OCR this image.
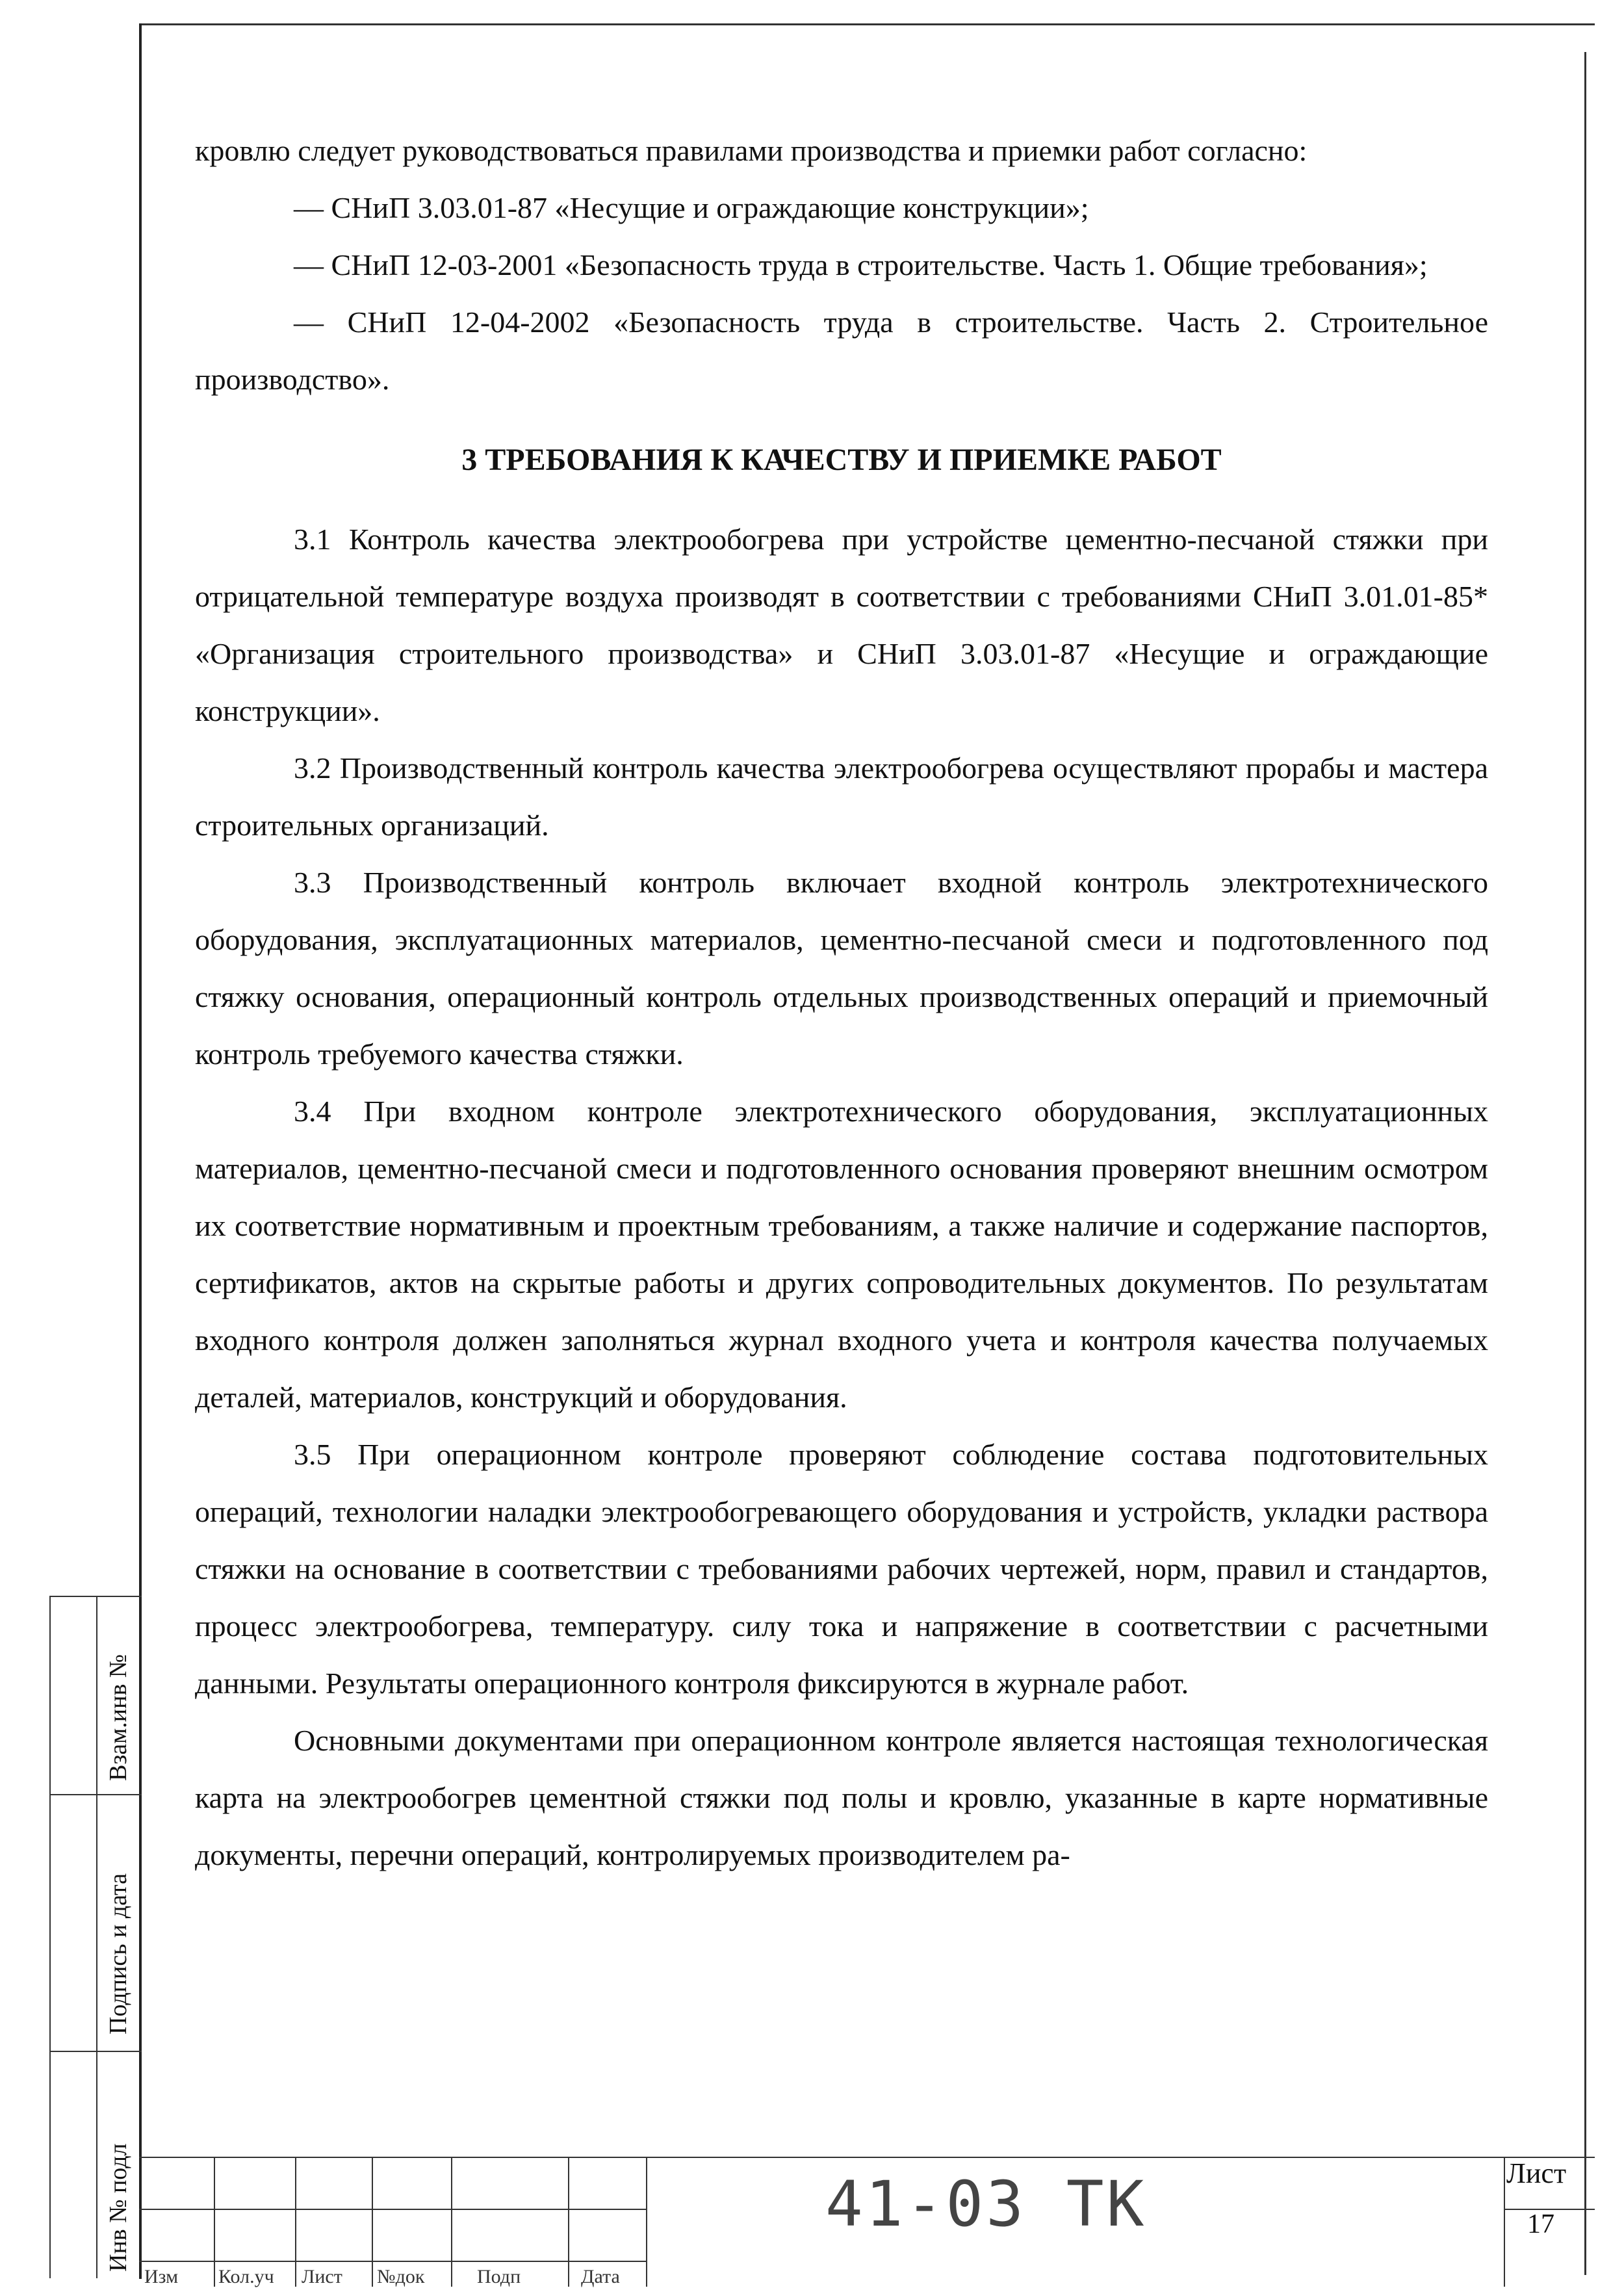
кровлю следует руководствоваться правилами производства и приемки работ согласно:

— СНиП 3.03.01-87 «Несущие и ограждающие конструкции»;

— СНиП 12-03-2001 «Безопасность труда в строительстве. Часть 1. Общие требования»;

— СНиП 12-04-2002 «Безопасность труда в строительстве. Часть 2. Строительное производство».

3 ТРЕБОВАНИЯ К КАЧЕСТВУ И ПРИЕМКЕ РАБОТ

3.1 Контроль качества электрообогрева при устройстве цементно-песчаной стяжки при отрицательной температуре воздуха производят в соответствии с требованиями СНиП 3.01.01-85* «Организация строительного производства» и СНиП 3.03.01-87 «Несущие и ограждающие конструкции».

3.2 Производственный контроль качества электрообогрева осуществляют прорабы и мастера строительных организаций.

3.3 Производственный контроль включает входной контроль электротехнического оборудования, эксплуатационных материалов, цементно-песчаной смеси и подготовленного под стяжку основания, операционный контроль отдельных производственных операций и приемочный контроль требуемого качества стяжки.

3.4 При входном контроле электротехнического оборудования, эксплуатационных материалов, цементно-песчаной смеси и подготовленного основания проверяют внешним осмотром их соответствие нормативным и проектным требованиям, а также наличие и содержание паспортов, сертификатов, актов на скрытые работы и других сопроводительных документов. По результатам входного контроля должен заполняться журнал входного учета и контроля качества получаемых деталей, материалов, конструкций и оборудования.

3.5 При операционном контроле проверяют соблюдение состава подготовительных операций, технологии наладки электрообогревающего оборудования и устройств, укладки раствора стяжки на основание в соответствии с требованиями рабочих чертежей, норм, правил и стандартов, процесс электрообогрева, температуру. силу тока и напряжение в соответствии с расчетными данными. Результаты операционного контроля фиксируются в журнале работ.

Основными документами при операционном контроле является настоящая технологическая карта на электрообогрев цементной стяжки под полы и кровлю, указанные в карте нормативные документы, перечни операций, контролируемых производителем ра-

Взам.инв №
Подпись и дата
Инв № подл
Изм Кол.уч Лист №док	Подп	Дата
41-03 ТК	Лист
17
